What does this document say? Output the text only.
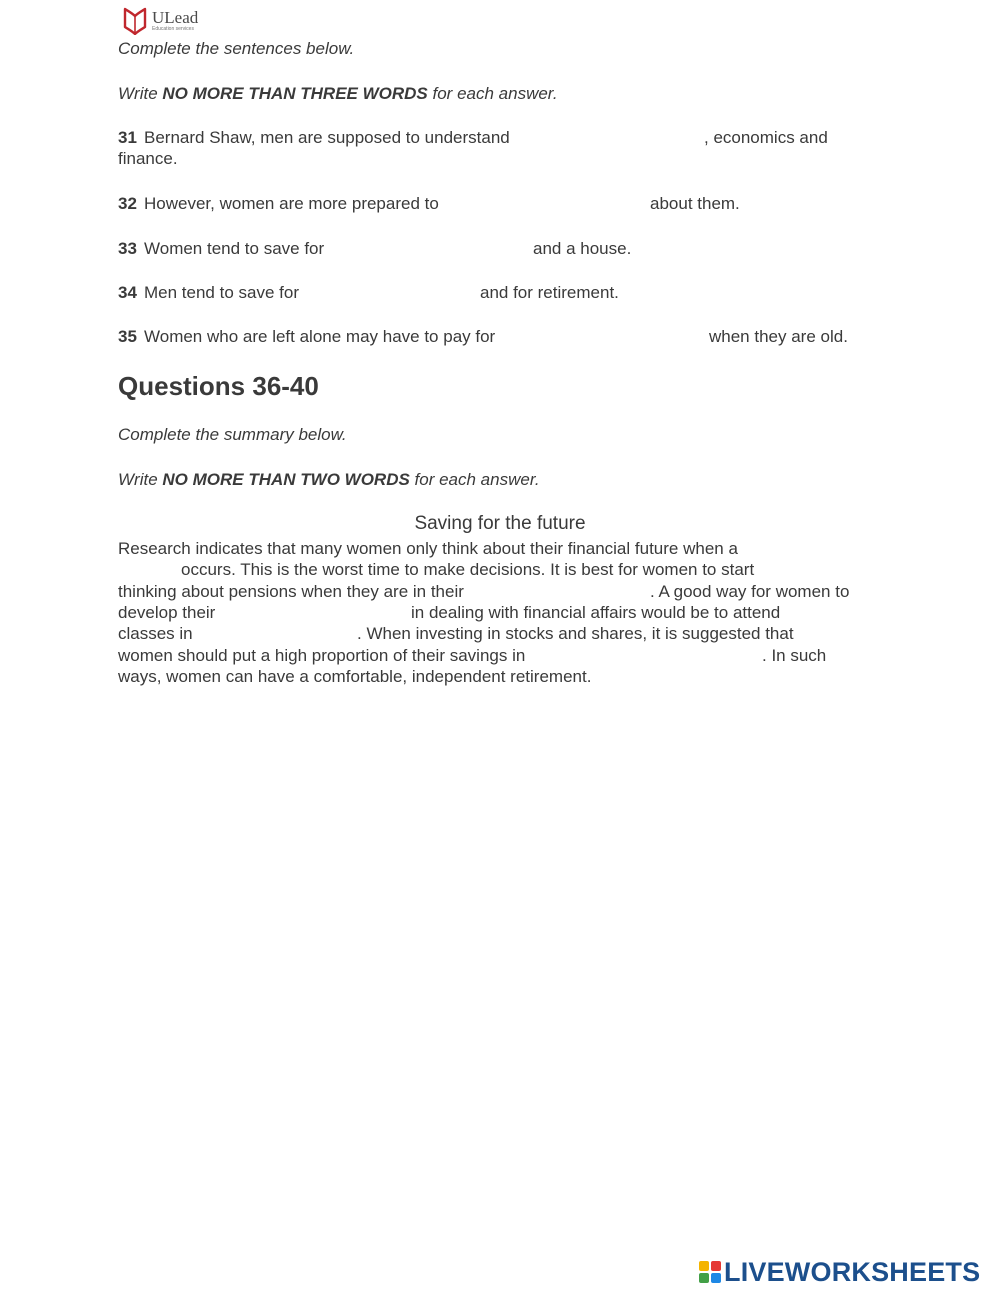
ULead
Education services

Complete the sentences below.

Write NO MORE THAN THREE WORDS for each answer.

31 Bernard Shaw, men are supposed to understand	, economics and
finance.
32 However, women are more prepared to	about them.
33 Women tend to save for	and a house.
34 Men tend to save for	and for retirement.
35 Women who are left alone may have to pay for	when they are old.
Questions 36-40

Complete the summary below.

Write NO MORE THAN TWO WORDS for each answer.

Saving for the future
Research indicates that many women only think about their financial future when a
occurs. This is the worst time to make decisions. It is best for women to start
thinking about pensions when they are in their	. A good way for women to
develop their	in dealing with financial affairs would be to attend
classes in	. When investing in stocks and shares, it is suggested that
women should put a high proportion of their savings in	. In such
ways, women can have a comfortable, independent retirement.
LIVEWORKSHEETS
